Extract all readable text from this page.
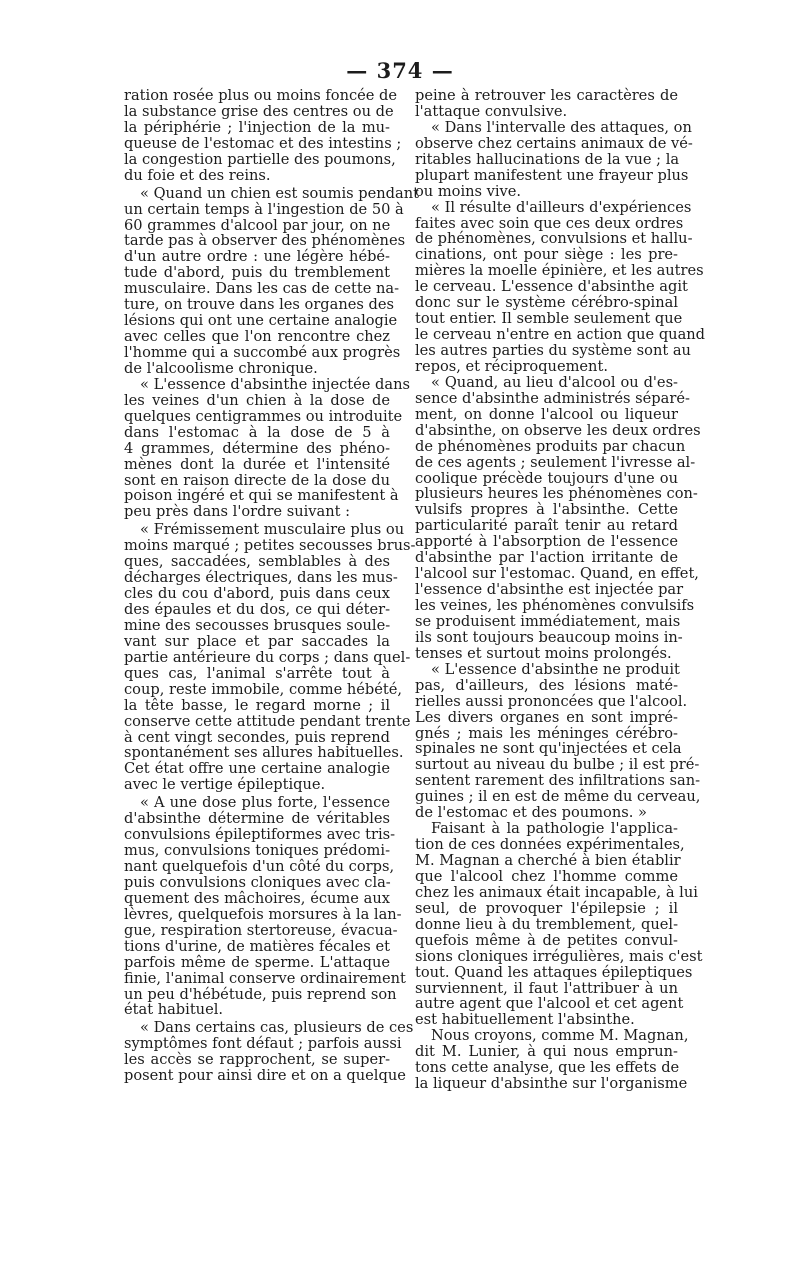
— 374 —
ration rosée plus ou moins foncée de
la substance grise des centres ou de
la périphérie ; l'injection de la mu-
queuse de l'estomac et des intestins ;
la congestion partielle des poumons,
du foie et des reins.
« Quand un chien est soumis pendant
un certain temps à l'ingestion de 50 à
60 grammes d'alcool par jour, on ne
tarde pas à observer des phénomènes
d'un autre ordre : une légère hébé-
tude d'abord, puis du tremblement
musculaire. Dans les cas de cette na-
ture, on trouve dans les organes des
lésions qui ont une certaine analogie
avec celles que l'on rencontre chez
l'homme qui a succombé aux progrès
de l'alcoolisme chronique.
« L'essence d'absinthe injectée dans
les veines d'un chien à la dose de
quelques centigrammes ou introduite
dans l'estomac à la dose de 5 à
4 grammes, détermine des phéno-
mènes dont la durée et l'intensité
sont en raison directe de la dose du
poison ingéré et qui se manifestent à
peu près dans l'ordre suivant :
« Frémissement musculaire plus ou
moins marqué ; petites secousses brus-
ques, saccadées, semblables à des
décharges électriques, dans les mus-
cles du cou d'abord, puis dans ceux
des épaules et du dos, ce qui déter-
mine des secousses brusques soule-
vant sur place et par saccades la
partie antérieure du corps ; dans quel-
ques cas, l'animal s'arrête tout à
coup, reste immobile, comme hébété,
la tête basse, le regard morne ; il
conserve cette attitude pendant trente
à cent vingt secondes, puis reprend
spontanément ses allures habituelles.
Cet état offre une certaine analogie
avec le vertige épileptique.
« A une dose plus forte, l'essence
d'absinthe détermine de véritables
convulsions épileptiformes avec tris-
mus, convulsions toniques prédomi-
nant quelquefois d'un côté du corps,
puis convulsions cloniques avec cla-
quement des mâchoires, écume aux
lèvres, quelquefois morsures à la lan-
gue, respiration stertoreuse, évacua-
tions d'urine, de matières fécales et
parfois même de sperme. L'attaque
finie, l'animal conserve ordinairement
un peu d'hébétude, puis reprend son
état habituel.
« Dans certains cas, plusieurs de ces
symptômes font défaut ; parfois aussi
les accès se rapprochent, se super-
posent pour ainsi dire et on a quelque
peine à retrouver les caractères de
l'attaque convulsive.
« Dans l'intervalle des attaques, on
observe chez certains animaux de vé-
ritables hallucinations de la vue ; la
plupart manifestent une frayeur plus
ou moins vive.
« Il résulte d'ailleurs d'expériences
faites avec soin que ces deux ordres
de phénomènes, convulsions et hallu-
cinations, ont pour siège : les pre-
mières la moelle épinière, et les autres
le cerveau. L'essence d'absinthe agit
donc sur le système cérébro-spinal
tout entier. Il semble seulement que
le cerveau n'entre en action que quand
les autres parties du système sont au
repos, et réciproquement.
« Quand, au lieu d'alcool ou d'es-
sence d'absinthe administrés séparé-
ment, on donne l'alcool ou liqueur
d'absinthe, on observe les deux ordres
de phénomènes produits par chacun
de ces agents ; seulement l'ivresse al-
coolique précède toujours d'une ou
plusieurs heures les phénomènes con-
vulsifs propres à l'absinthe. Cette
particularité paraît tenir au retard
apporté à l'absorption de l'essence
d'absinthe par l'action irritante de
l'alcool sur l'estomac. Quand, en effet,
l'essence d'absinthe est injectée par
les veines, les phénomènes convulsifs
se produisent immédiatement, mais
ils sont toujours beaucoup moins in-
tenses et surtout moins prolongés.
« L'essence d'absinthe ne produit
pas, d'ailleurs, des lésions maté-
rielles aussi prononcées que l'alcool.
Les divers organes en sont impré-
gnés ; mais les méninges cérébro-
spinales ne sont qu'injectées et cela
surtout au niveau du bulbe ; il est pré-
sentent rarement des infiltrations san-
guines ; il en est de même du cerveau,
de l'estomac et des poumons. »
Faisant à la pathologie l'applica-
tion de ces données expérimentales,
M. Magnan a cherché à bien établir
que l'alcool chez l'homme comme
chez les animaux était incapable, à lui
seul, de provoquer l'épilepsie ; il
donne lieu à du tremblement, quel-
quefois même à de petites convul-
sions cloniques irrégulières, mais c'est
tout. Quand les attaques épileptiques
surviennent, il faut l'attribuer à un
autre agent que l'alcool et cet agent
est habituellement l'absinthe.
Nous croyons, comme M. Magnan,
dit M. Lunier, à qui nous emprun-
tons cette analyse, que les effets de
la liqueur d'absinthe sur l'organisme
